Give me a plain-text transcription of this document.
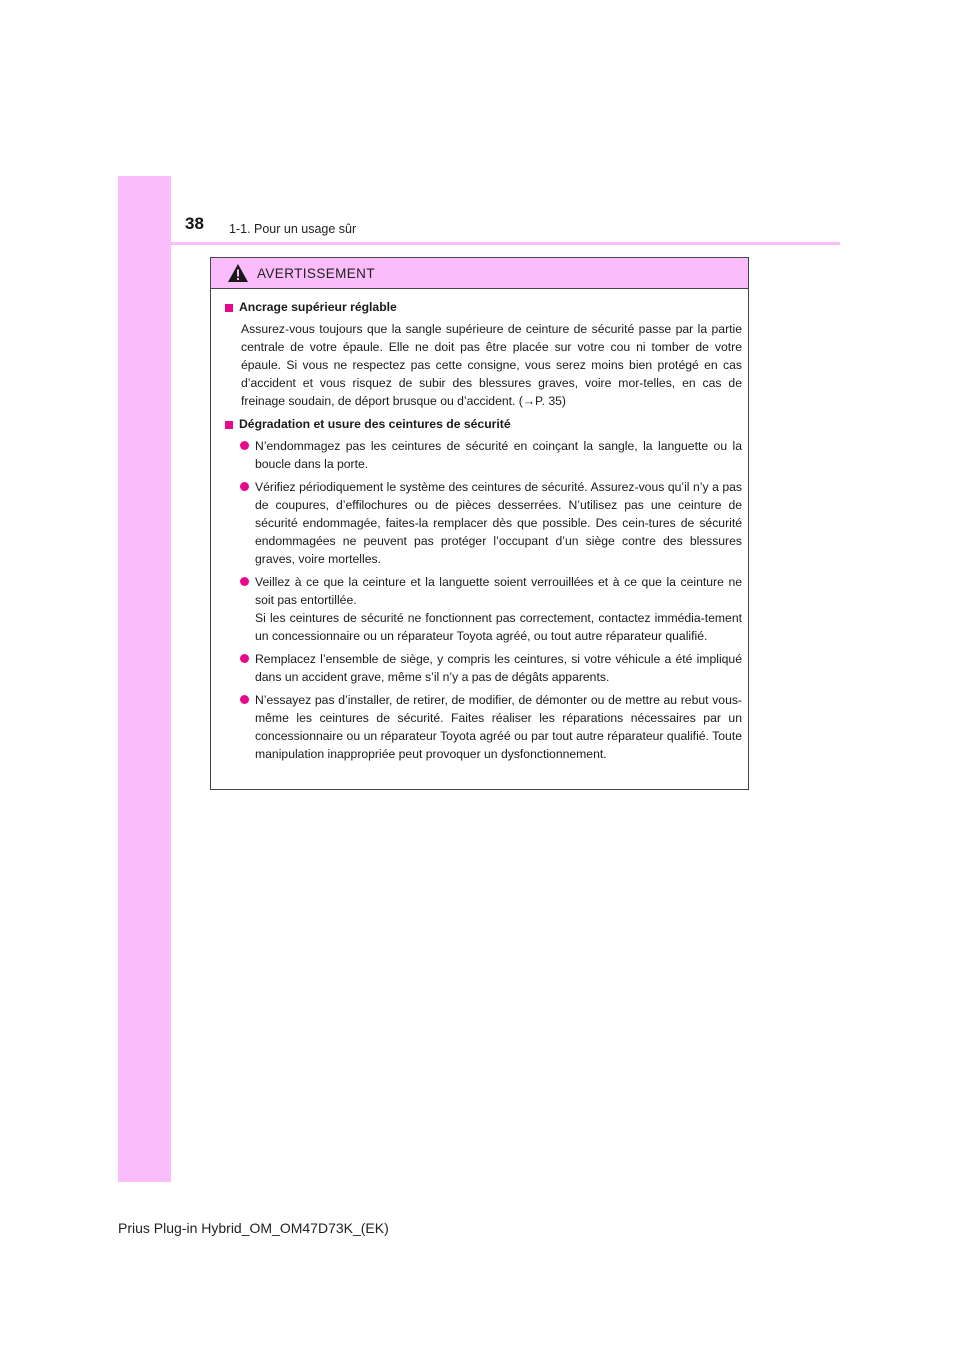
38 1-1. Pour un usage sûr
AVERTISSEMENT
Ancrage supérieur réglable

Assurez-vous toujours que la sangle supérieure de ceinture de sécurité passe par la partie centrale de votre épaule. Elle ne doit pas être placée sur votre cou ni tomber de votre épaule. Si vous ne respectez pas cette consigne, vous serez moins bien protégé en cas d’accident et vous risquez de subir des blessures graves, voire mor-telles, en cas de freinage soudain, de déport brusque ou d’accident. (→P. 35)

Dégradation et usure des ceintures de sécurité

N’endommagez pas les ceintures de sécurité en coinçant la sangle, la languette ou la boucle dans la porte.

Vérifiez périodiquement le système des ceintures de sécurité. Assurez-vous qu’il n’y a pas de coupures, d’effilochures ou de pièces desserrées. N’utilisez pas une ceinture de sécurité endommagée, faites-la remplacer dès que possible. Des cein-tures de sécurité endommagées ne peuvent pas protéger l’occupant d’un siège contre des blessures graves, voire mortelles.

Veillez à ce que la ceinture et la languette soient verrouillées et à ce que la ceinture ne soit pas entortillée.

Si les ceintures de sécurité ne fonctionnent pas correctement, contactez immédia-tement un concessionnaire ou un réparateur Toyota agréé, ou tout autre réparateur qualifié.

Remplacez l’ensemble de siège, y compris les ceintures, si votre véhicule a été impliqué dans un accident grave, même s’il n’y a pas de dégâts apparents.

N’essayez pas d’installer, de retirer, de modifier, de démonter ou de mettre au rebut vous-même les ceintures de sécurité. Faites réaliser les réparations nécessaires par un concessionnaire ou un réparateur Toyota agréé ou par tout autre réparateur qualifié. Toute manipulation inappropriée peut provoquer un dysfonctionnement.

Prius Plug-in Hybrid_OM_OM47D73K_(EK)
